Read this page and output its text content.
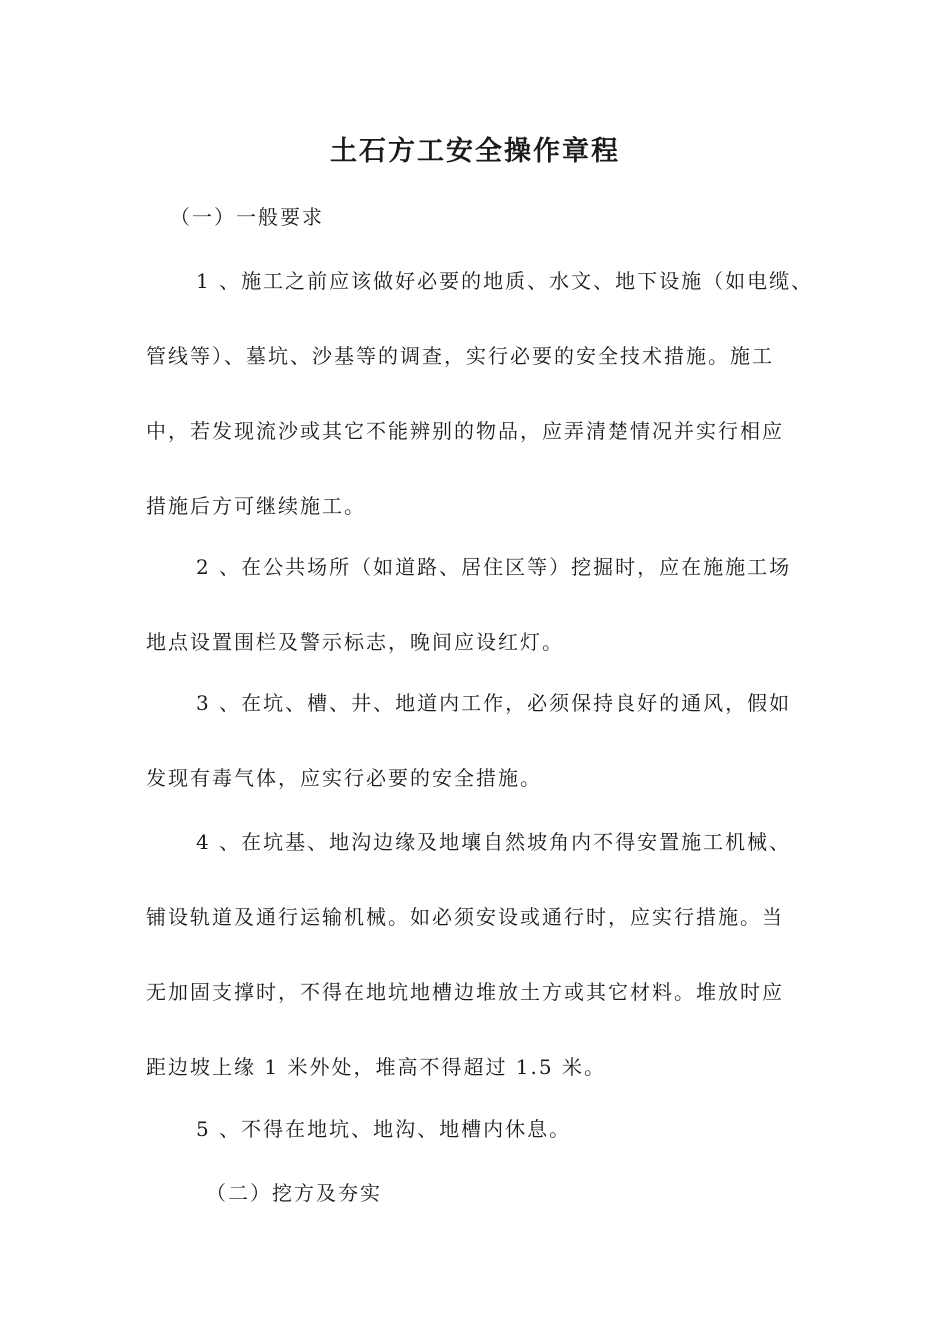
土石方工安全操作章程
（一）一般要求
1 、施工之前应该做好必要的地质、水文、地下设施（如电缆、
管线等）、墓坑、沙基等的调查，实行必要的安全技术措施。施工
中，若发现流沙或其它不能辨别的物品，应弄清楚情况并实行相应
措施后方可继续施工。
2 、在公共场所（如道路、居住区等）挖掘时，应在施施工场
地点设置围栏及警示标志，晚间应设红灯。
3 、在坑、槽、井、地道内工作，必须保持良好的通风，假如
发现有毒气体，应实行必要的安全措施。
4 、在坑基、地沟边缘及地壤自然坡角内不得安置施工机械、
铺设轨道及通行运输机械。如必须安设或通行时，应实行措施。当
无加固支撑时，不得在地坑地槽边堆放土方或其它材料。堆放时应
距边坡上缘 1 米外处，堆高不得超过 1.5 米。
5 、不得在地坑、地沟、地槽内休息。
（二）挖方及夯实
